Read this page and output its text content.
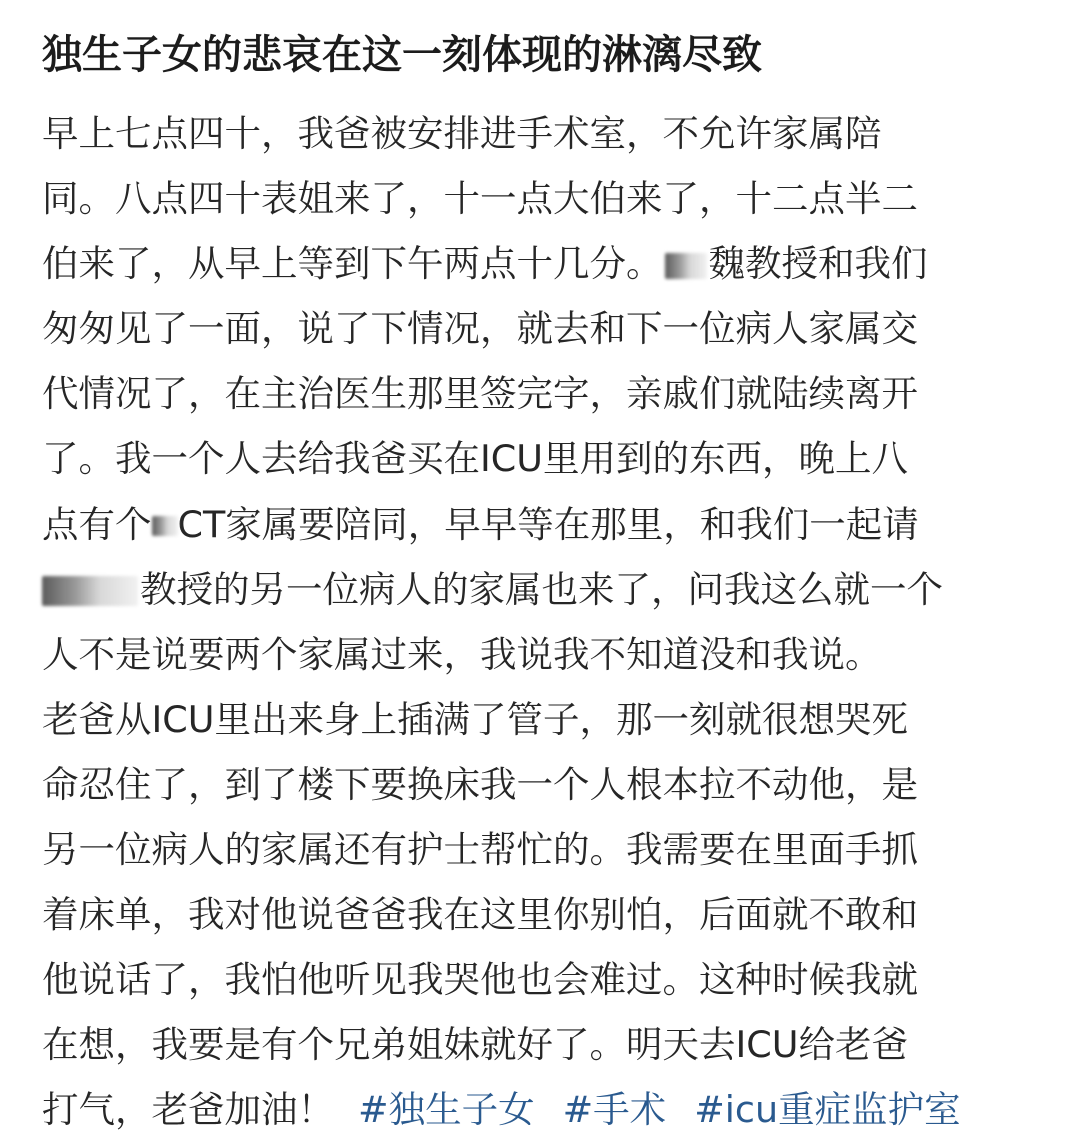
独生子女的悲哀在这一刻体现的淋漓尽致
早上七点四十，我爸被安排进手术室，不允许家属陪
同。八点四十表姐来了，十一点大伯来了，十二点半二
伯来了，从早上等到下午两点十几分。 魏教授和我们
匆匆见了一面，说了下情况，就去和下一位病人家属交
代情况了，在主治医生那里签完字，亲戚们就陆续离开
了。我一个人去给我爸买在ICU里用到的东西，晚上八
点有个 CT家属要陪同，早早等在那里，和我们一起请
教授的另一位病人的家属也来了，问我这么就一个
人不是说要两个家属过来，我说我不知道没和我说。
老爸从ICU里出来身上插满了管子，那一刻就很想哭死
命忍住了，到了楼下要换床我一个人根本拉不动他，是
另一位病人的家属还有护士帮忙的。我需要在里面手抓
着床单，我对他说爸爸我在这里你别怕，后面就不敢和
他说话了，我怕他听见我哭他也会难过。这种时候我就
在想，我要是有个兄弟姐妹就好了。明天去ICU给老爸
打气，老爸加油！ #独生子女 #手术 #icu重症监护室
